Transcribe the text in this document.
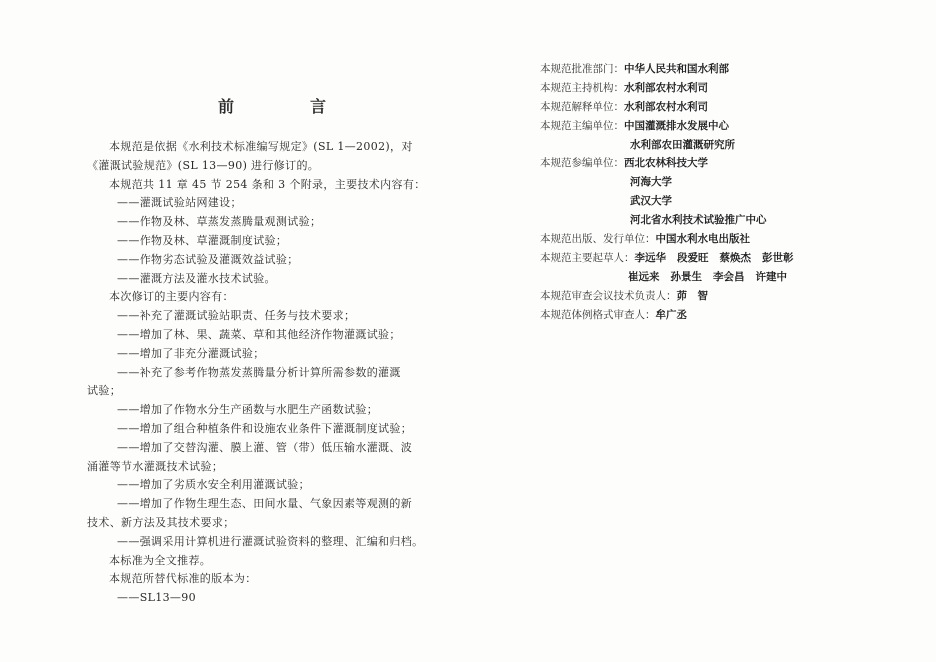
前	言
本规范是依据《水利技术标准编写规定》(SL 1—2002)，对
《灌溉试验规范》(SL 13—90) 进行修订的。
本规范共 11 章 45 节 254 条和 3 个附录，主要技术内容有：
——灌溉试验站网建设；
——作物及林、草蒸发蒸腾量观测试验；
——作物及林、草灌溉制度试验；
——作物劣态试验及灌溉效益试验；
——灌溉方法及灌水技术试验。
本次修订的主要内容有：
——补充了灌溉试验站职责、任务与技术要求；
——增加了林、果、蔬菜、草和其他经济作物灌溉试验；
——增加了非充分灌溉试验；
——补充了参考作物蒸发蒸腾量分析计算所需参数的灌溉
试验；
——增加了作物水分生产函数与水肥生产函数试验；
——增加了组合种植条件和设施农业条件下灌溉制度试验；
——增加了交替沟灌、膜上灌、管（带）低压输水灌溉、波
涌灌等节水灌溉技术试验；
——增加了劣质水安全利用灌溉试验；
——增加了作物生理生态、田间水量、气象因素等观测的新
技术、新方法及其技术要求；
——强调采用计算机进行灌溉试验资料的整理、汇编和归档。
本标准为全文推荐。
本规范所替代标准的版本为：
——SL13—90
本规范批准部门：中华人民共和国水利部
本规范主持机构：水利部农村水利司
本规范解释单位：水利部农村水利司
本规范主编单位：中国灌溉排水发展中心
水利部农田灌溉研究所
本规范参编单位：西北农林科技大学
河海大学
武汉大学
河北省水利技术试验推广中心
本规范出版、发行单位：中国水利水电出版社
本规范主要起草人：李远华 段爱旺 蔡焕杰 彭世彰
崔远来 孙景生 李会昌 许建中
本规范审查会议技术负责人：茆　智
本规范体例格式审查人：牟广丞
